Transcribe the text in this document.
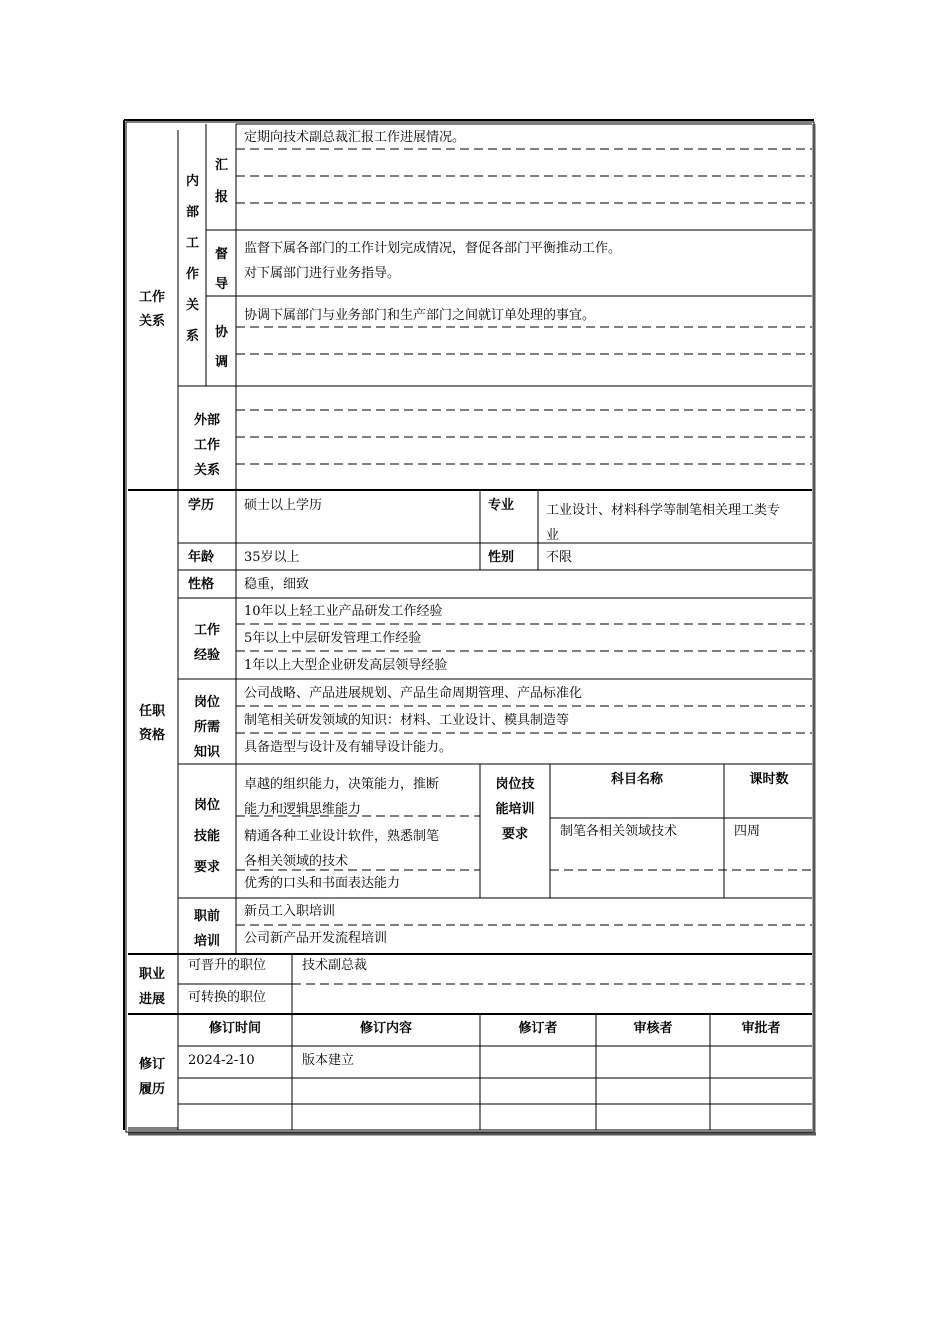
工作
关系
内部工作关系
汇报
定期向技术副总裁汇报工作进展情况。
督导
监督下属各部门的工作计划完成情况，督促各部门平衡推动工作。
对下属部门进行业务指导。
协调
协调下属部门与业务部门和生产部门之间就订单处理的事宜。
外部
工作
关系
任职
资格
学历 硕士以上学历	专业 工业设计、材料科学等制笔相关理工类专
业
年龄 35岁以上	性别 不限
性格 稳重，细致
工作
经验
10年以上轻工业产品研发工作经验
5年以上中层研发管理工作经验
1年以上大型企业研发高层领导经验
岗位
所需
知识
公司战略、产品进展规划、产品生命周期管理、产品标准化
制笔相关研发领域的知识：材料、工业设计、模具制造等
具备造型与设计及有辅导设计能力。
岗位
技能
要求
卓越的组织能力，决策能力，推断
能力和逻辑思维能力
精通各种工业设计软件，熟悉制笔
各相关领域的技术
优秀的口头和书面表达能力
岗位技
能培训
要求
科目名称	课时数
制笔各相关领域技术	四周
职前
培训
新员工入职培训
公司新产品开发流程培训
职业
进展
可晋升的职位	技术副总裁
可转换的职位
修订
履历
修订时间	修订内容	修订者	审核者	审批者
2024-2-10	版本建立
